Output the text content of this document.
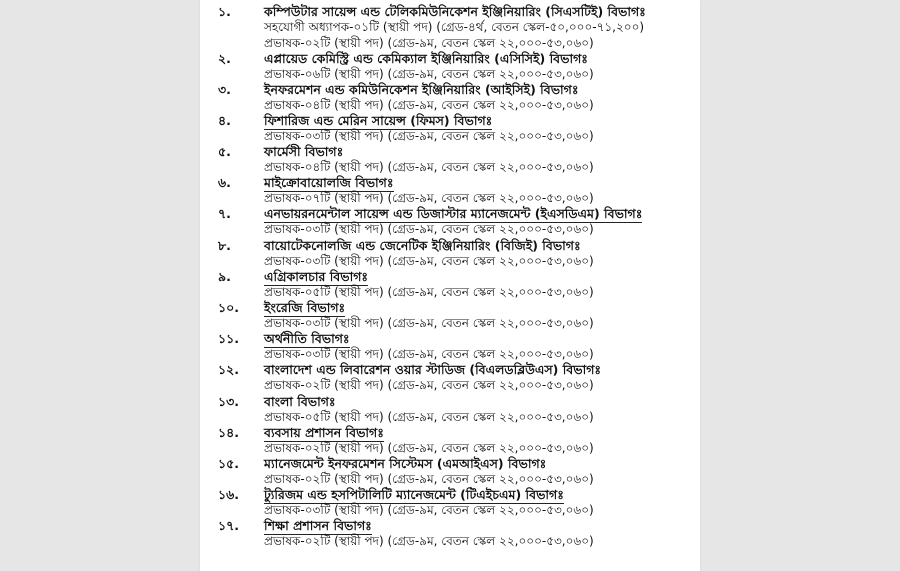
১.	কম্পিউটার সায়েন্স এন্ড টেলিকমিউনিকেশন ইঞ্জিনিয়ারিং (সিএসটিই) বিভাগঃ
সহযোগী অধ্যাপক-০১টি (স্থায়ী পদ) (গ্রেড-৪র্থ, বেতন স্কেল-৫০,০০০-৭১,২০০)
প্রভাষক-০২টি (স্থায়ী পদ) (গ্রেড-৯ম, বেতন স্কেল ২২,০০০-৫৩,০৬০)
২.	এপ্লায়েড কেমিস্ট্রি এন্ড কেমিক্যাল ইঞ্জিনিয়ারিং (এসিসিই) বিভাগঃ
প্রভাষক-০৬টি (স্থায়ী পদ) (গ্রেড-৯ম, বেতন স্কেল ২২,০০০-৫৩,০৬০)
৩.	ইনফরমেশন এন্ড কমিউনিকেশন ইঞ্জিনিয়ারিং (আইসিই) বিভাগঃ
প্রভাষক-০৪টি (স্থায়ী পদ) (গ্রেড-৯ম, বেতন স্কেল ২২,০০০-৫৩,০৬০)
৪.	ফিশারিজ এন্ড মেরিন সায়েন্স (ফিমস) বিভাগঃ
প্রভাষক-০৩টি (স্থায়ী পদ) (গ্রেড-৯ম, বেতন স্কেল ২২,০০০-৫৩,০৬০)
৫.	ফার্মেসী বিভাগঃ
প্রভাষক-০৪টি (স্থায়ী পদ) (গ্রেড-৯ম, বেতন স্কেল ২২,০০০-৫৩,০৬০)
৬.	মাইক্রোবায়োলজি বিভাগঃ
প্রভাষক-০৭টি (স্থায়ী পদ) (গ্রেড-৯ম, বেতন স্কেল ২২,০০০-৫৩,০৬০)
৭.	এনভায়রনমেন্টাল সায়েন্স এন্ড ডিজাস্টার ম্যানেজমেন্ট (ইএসডিএম) বিভাগঃ
প্রভাষক-০৩টি (স্থায়ী পদ) (গ্রেড-৯ম, বেতন স্কেল ২২,০০০-৫৩,০৬০)
৮.	বায়োটেকনোলজি এন্ড জেনেটিক ইঞ্জিনিয়ারিং (বিজিই) বিভাগঃ
প্রভাষক-০৩টি (স্থায়ী পদ) (গ্রেড-৯ম, বেতন স্কেল ২২,০০০-৫৩,০৬০)
৯.	এগ্রিকালচার বিভাগঃ
প্রভাষক-০৫টি (স্থায়ী পদ) (গ্রেড-৯ম, বেতন স্কেল ২২,০০০-৫৩,০৬০)
১০. ইংরেজি বিভাগঃ
প্রভাষক-০৩টি (স্থায়ী পদ) (গ্রেড-৯ম, বেতন স্কেল ২২,০০০-৫৩,০৬০)
১১. অর্থনীতি বিভাগঃ
প্রভাষক-০৩টি (স্থায়ী পদ) (গ্রেড-৯ম, বেতন স্কেল ২২,০০০-৫৩,০৬০)
১২. বাংলাদেশ এন্ড লিবারেশন ওয়ার স্টাডিজ (বিএলডব্লিউএস) বিভাগঃ
প্রভাষক-০২টি (স্থায়ী পদ) (গ্রেড-৯ম, বেতন স্কেল ২২,০০০-৫৩,০৬০)
১৩. বাংলা বিভাগঃ
প্রভাষক-০৫টি (স্থায়ী পদ) (গ্রেড-৯ম, বেতন স্কেল ২২,০০০-৫৩,০৬০)
১৪. ব্যবসায় প্রশাসন বিভাগঃ
প্রভাষক-০২টি (স্থায়ী পদ) (গ্রেড-৯ম, বেতন স্কেল ২২,০০০-৫৩,০৬০)
১৫. ম্যানেজমেন্ট ইনফরমেশন সিস্টেমস (এমআইএস) বিভাগঃ
প্রভাষক-০২টি (স্থায়ী পদ) (গ্রেড-৯ম, বেতন স্কেল ২২,০০০-৫৩,০৬০)
১৬. ট্যুরিজম এন্ড হসপিটালিটি ম্যানেজমেন্ট (টিএইচএম) বিভাগঃ
প্রভাষক-০৩টি (স্থায়ী পদ) (গ্রেড-৯ম, বেতন স্কেল ২২,০০০-৫৩,০৬০)
১৭. শিক্ষা প্রশাসন বিভাগঃ
প্রভাষক-০২টি (স্থায়ী পদ) (গ্রেড-৯ম, বেতন স্কেল ২২,০০০-৫৩,০৬০)
